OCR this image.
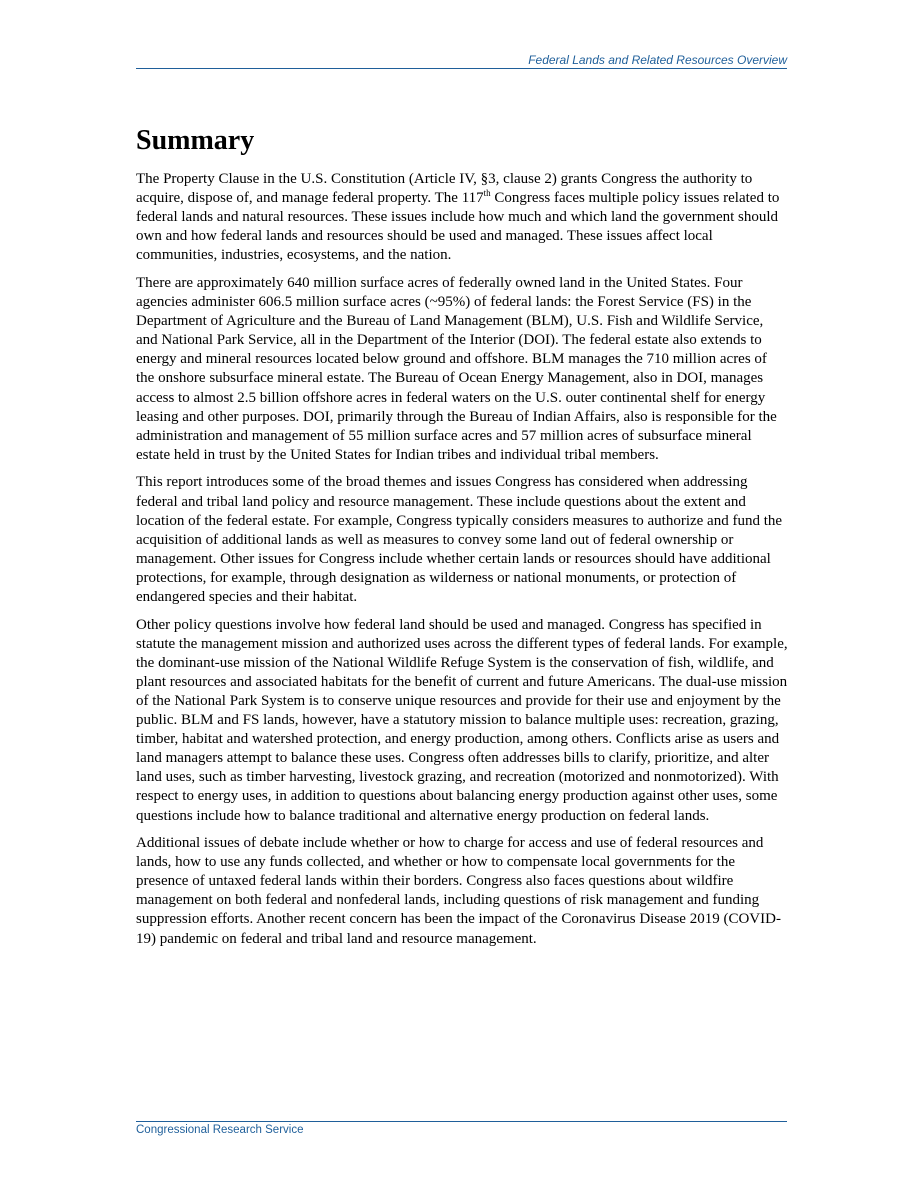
Federal Lands and Related Resources Overview
Summary

The Property Clause in the U.S. Constitution (Article IV, §3, clause 2) grants Congress the authority to acquire, dispose of, and manage federal property. The 117th Congress faces multiple policy issues related to federal lands and natural resources. These issues include how much and which land the government should own and how federal lands and resources should be used and managed. These issues affect local communities, industries, ecosystems, and the nation.

There are approximately 640 million surface acres of federally owned land in the United States. Four agencies administer 606.5 million surface acres (~95%) of federal lands: the Forest Service (FS) in the Department of Agriculture and the Bureau of Land Management (BLM), U.S. Fish and Wildlife Service, and National Park Service, all in the Department of the Interior (DOI). The federal estate also extends to energy and mineral resources located below ground and offshore. BLM manages the 710 million acres of the onshore subsurface mineral estate. The Bureau of Ocean Energy Management, also in DOI, manages access to almost 2.5 billion offshore acres in federal waters on the U.S. outer continental shelf for energy leasing and other purposes. DOI, primarily through the Bureau of Indian Affairs, also is responsible for the administration and management of 55 million surface acres and 57 million acres of subsurface mineral estate held in trust by the United States for Indian tribes and individual tribal members.

This report introduces some of the broad themes and issues Congress has considered when addressing federal and tribal land policy and resource management. These include questions about the extent and location of the federal estate. For example, Congress typically considers measures to authorize and fund the acquisition of additional lands as well as measures to convey some land out of federal ownership or management. Other issues for Congress include whether certain lands or resources should have additional protections, for example, through designation as wilderness or national monuments, or protection of endangered species and their habitat.

Other policy questions involve how federal land should be used and managed. Congress has specified in statute the management mission and authorized uses across the different types of federal lands. For example, the dominant-use mission of the National Wildlife Refuge System is the conservation of fish, wildlife, and plant resources and associated habitats for the benefit of current and future Americans. The dual-use mission of the National Park System is to conserve unique resources and provide for their use and enjoyment by the public. BLM and FS lands, however, have a statutory mission to balance multiple uses: recreation, grazing, timber, habitat and watershed protection, and energy production, among others. Conflicts arise as users and land managers attempt to balance these uses. Congress often addresses bills to clarify, prioritize, and alter land uses, such as timber harvesting, livestock grazing, and recreation (motorized and nonmotorized). With respect to energy uses, in addition to questions about balancing energy production against other uses, some questions include how to balance traditional and alternative energy production on federal lands.

Additional issues of debate include whether or how to charge for access and use of federal resources and lands, how to use any funds collected, and whether or how to compensate local governments for the presence of untaxed federal lands within their borders. Congress also faces questions about wildfire management on both federal and nonfederal lands, including questions of risk management and funding suppression efforts. Another recent concern has been the impact of the Coronavirus Disease 2019 (COVID-19) pandemic on federal and tribal land and resource management.

Congressional Research Service
